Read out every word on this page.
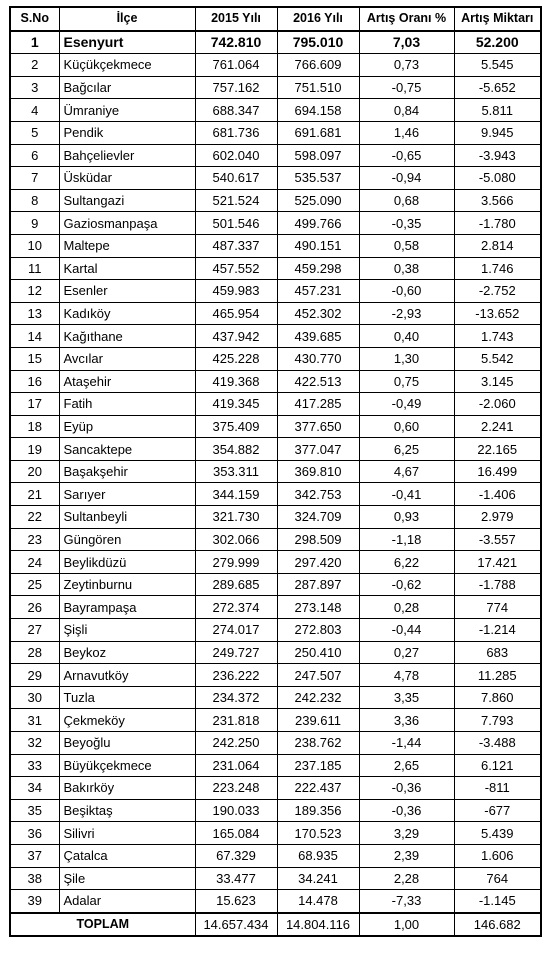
S.No	İlçe	2015 Yılı	2016 Yılı	Artış Oranı %	Artış Miktarı
1	Esenyurt	742.810	795.010	7,03	52.200
2	Küçükçekmece	761.064	766.609	0,73	5.545
3	Bağcılar	757.162	751.510	-0,75	-5.652
4	Ümraniye	688.347	694.158	0,84	5.811
5	Pendik	681.736	691.681	1,46	9.945
6	Bahçelievler	602.040	598.097	-0,65	-3.943
7	Üsküdar	540.617	535.537	-0,94	-5.080
8	Sultangazi	521.524	525.090	0,68	3.566
9	Gaziosmanpaşa	501.546	499.766	-0,35	-1.780
10	Maltepe	487.337	490.151	0,58	2.814
11	Kartal	457.552	459.298	0,38	1.746
12	Esenler	459.983	457.231	-0,60	-2.752
13	Kadıköy	465.954	452.302	-2,93	-13.652
14	Kağıthane	437.942	439.685	0,40	1.743
15	Avcılar	425.228	430.770	1,30	5.542
16	Ataşehir	419.368	422.513	0,75	3.145
17	Fatih	419.345	417.285	-0,49	-2.060
18	Eyüp	375.409	377.650	0,60	2.241
19	Sancaktepe	354.882	377.047	6,25	22.165
20	Başakşehir	353.311	369.810	4,67	16.499
21	Sarıyer	344.159	342.753	-0,41	-1.406
22	Sultanbeyli	321.730	324.709	0,93	2.979
23	Güngören	302.066	298.509	-1,18	-3.557
24	Beylikdüzü	279.999	297.420	6,22	17.421
25	Zeytinburnu	289.685	287.897	-0,62	-1.788
26	Bayrampaşa	272.374	273.148	0,28	774
27	Şişli	274.017	272.803	-0,44	-1.214
28	Beykoz	249.727	250.410	0,27	683
29	Arnavutköy	236.222	247.507	4,78	11.285
30	Tuzla	234.372	242.232	3,35	7.860
31	Çekmeköy	231.818	239.611	3,36	7.793
32	Beyoğlu	242.250	238.762	-1,44	-3.488
33	Büyükçekmece	231.064	237.185	2,65	6.121
34	Bakırköy	223.248	222.437	-0,36	-811
35	Beşiktaş	190.033	189.356	-0,36	-677
36	Silivri	165.084	170.523	3,29	5.439
37	Çatalca	67.329	68.935	2,39	1.606
38	Şile	33.477	34.241	2,28	764
39	Adalar	15.623	14.478	-7,33	-1.145
TOPLAM		14.657.434	14.804.116	1,00	146.682
